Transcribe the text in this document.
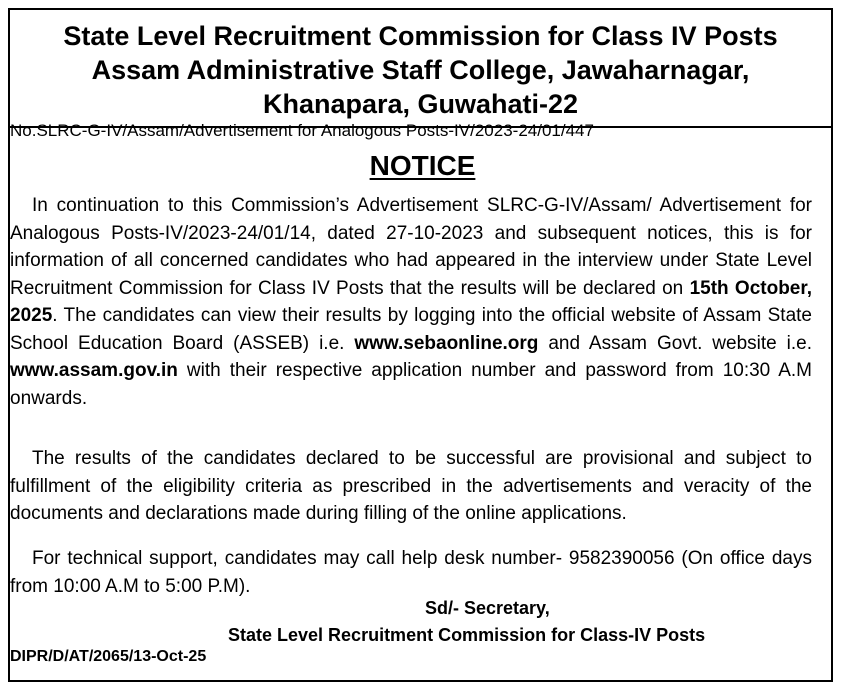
State Level Recruitment Commission for Class IV Posts
Assam Administrative Staff College, Jawaharnagar,
Khanapara, Guwahati-22
No.SLRC-G-IV/Assam/Advertisement for Analogous Posts-IV/2023-24/01/447
NOTICE
In continuation to this Commission’s Advertisement SLRC-G-IV/Assam/ Advertisement for Analogous Posts-IV/2023-24/01/14, dated 27-10-2023 and subsequent notices, this is for information of all concerned candidates who had appeared in the interview under State Level Recruitment Commission for Class IV Posts that the results will be declared on 15th October, 2025. The candidates can view their results by logging into the official website of Assam State School Education Board (ASSEB) i.e. www.sebaonline.org and Assam Govt. website i.e. www.assam.gov.in with their respective application number and password from 10:30 A.M onwards.
The results of the candidates declared to be successful are provisional and subject to fulfillment of the eligibility criteria as prescribed in the advertisements and veracity of the documents and declarations made during filling of the online applications.
For technical support, candidates may call help desk number- 9582390056 (On office days from 10:00 A.M to 5:00 P.M).
Sd/- Secretary,
State Level Recruitment Commission for Class-IV Posts
DIPR/D/AT/2065/13-Oct-25
